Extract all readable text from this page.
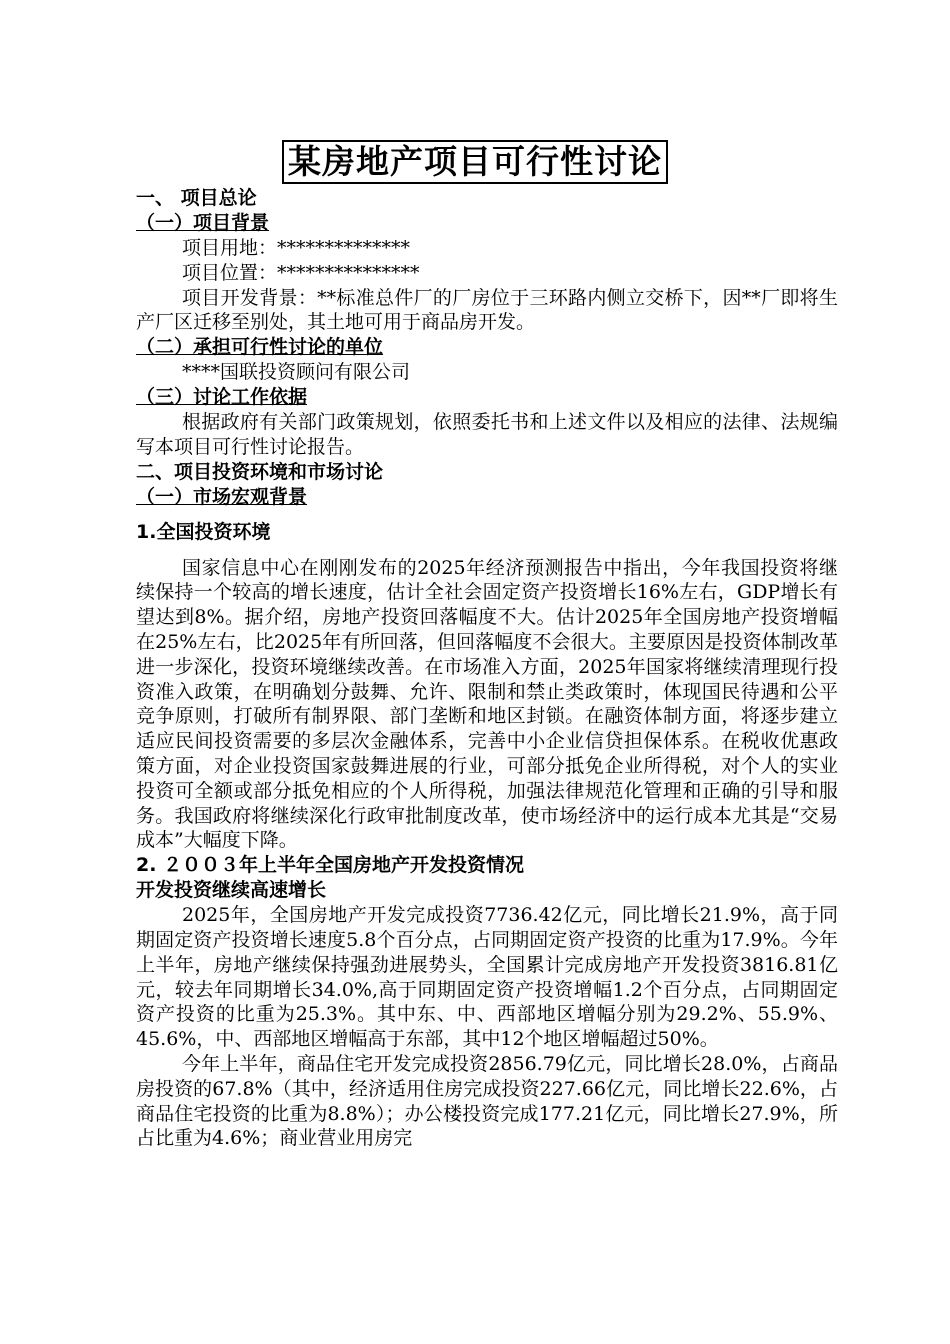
某房地产项目可行性讨论
一、 项目总论
（一）项目背景

项目用地：**************

项目位置：***************

项目开发背景：**标准总件厂的厂房位于三环路内侧立交桥下，因**厂即将生产厂区迁移至别处，其土地可用于商品房开发。

（二）承担可行性讨论的单位

****国联投资顾问有限公司

（三）讨论工作依据

根据政府有关部门政策规划，依照委托书和上述文件以及相应的法律、法规编写本项目可行性讨论报告。

二、项目投资环境和市场讨论
（一）市场宏观背景
1.全国投资环境

国家信息中心在刚刚发布的2025年经济预测报告中指出，今年我国投资将继续保持一个较高的增长速度，估计全社会固定资产投资增长16%左右，GDP增长有望达到8%。据介绍，房地产投资回落幅度不大。估计2025年全国房地产投资增幅在25%左右，比2025年有所回落，但回落幅度不会很大。主要原因是投资体制改革进一步深化，投资环境继续改善。在市场准入方面，2025年国家将继续清理现行投资准入政策，在明确划分鼓舞、允许、限制和禁止类政策时，体现国民待遇和公平竞争原则，打破所有制界限、部门垄断和地区封锁。在融资体制方面，将逐步建立适应民间投资需要的多层次金融体系，完善中小企业信贷担保体系。在税收优惠政策方面，对企业投资国家鼓舞进展的行业，可部分抵免企业所得税，对个人的实业投资可全额或部分抵免相应的个人所得税，加强法律规范化管理和正确的引导和服务。我国政府将继续深化行政审批制度改革，使市场经济中的运行成本尤其是“交易成本”大幅度下降。

2. ２００３年上半年全国房地产开发投资情况
开发投资继续高速增长

2025年，全国房地产开发完成投资7736.42亿元，同比增长21.9%，高于同期固定资产投资增长速度5.8个百分点，占同期固定资产投资的比重为17.9%。今年上半年，房地产继续保持强劲进展势头，全国累计完成房地产开发投资3816.81亿元，较去年同期增长34.0%,高于同期固定资产投资增幅1.2个百分点，占同期固定资产投资的比重为25.3%。其中东、中、西部地区增幅分别为29.2%、55.9%、45.6%，中、西部地区增幅高于东部，其中12个地区增幅超过50%。

今年上半年，商品住宅开发完成投资2856.79亿元，同比增长28.0%，占商品房投资的67.8%（其中，经济适用住房完成投资227.66亿元，同比增长22.6%，占商品住宅投资的比重为8.8%）；办公楼投资完成177.21亿元，同比增长27.9%，所占比重为4.6%；商业营业用房完
